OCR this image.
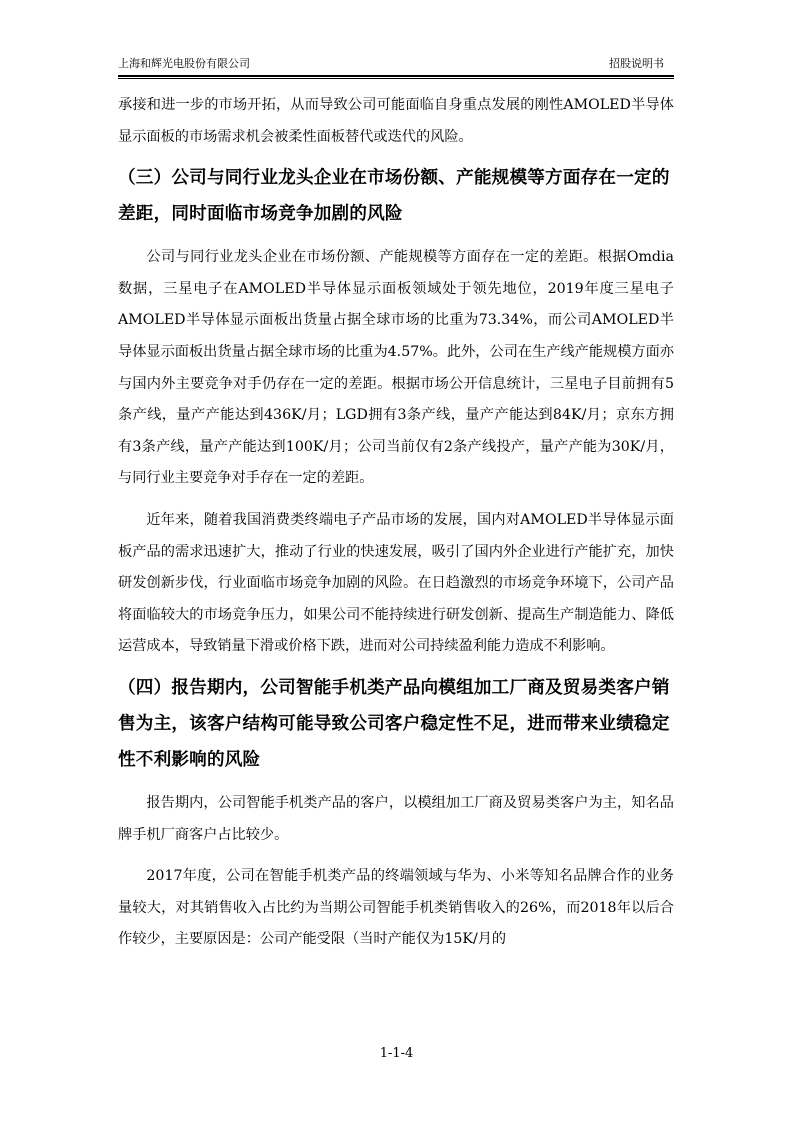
上海和辉光电股份有限公司	招股说明书

承接和进一步的市场开拓，从而导致公司可能面临自身重点发展的刚性AMOLED半导体显示面板的市场需求机会被柔性面板替代或迭代的风险。

（三）公司与同行业龙头企业在市场份额、产能规模等方面存在一定的差距，同时面临市场竞争加剧的风险

公司与同行业龙头企业在市场份额、产能规模等方面存在一定的差距。根据Omdia数据，三星电子在AMOLED半导体显示面板领域处于领先地位，2019年度三星电子AMOLED半导体显示面板出货量占据全球市场的比重为73.34%，而公司AMOLED半导体显示面板出货量占据全球市场的比重为4.57%。此外，公司在生产线产能规模方面亦与国内外主要竞争对手仍存在一定的差距。根据市场公开信息统计，三星电子目前拥有5条产线，量产产能达到436K/月；LGD拥有3条产线，量产产能达到84K/月；京东方拥有3条产线，量产产能达到100K/月；公司当前仅有2条产线投产，量产产能为30K/月，与同行业主要竞争对手存在一定的差距。

近年来，随着我国消费类终端电子产品市场的发展，国内对AMOLED半导体显示面板产品的需求迅速扩大，推动了行业的快速发展，吸引了国内外企业进行产能扩充，加快研发创新步伐，行业面临市场竞争加剧的风险。在日趋激烈的市场竞争环境下，公司产品将面临较大的市场竞争压力，如果公司不能持续进行研发创新、提高生产制造能力、降低运营成本，导致销量下滑或价格下跌，进而对公司持续盈利能力造成不利影响。

（四）报告期内，公司智能手机类产品向模组加工厂商及贸易类客户销售为主，该客户结构可能导致公司客户稳定性不足，进而带来业绩稳定性不利影响的风险

报告期内，公司智能手机类产品的客户，以模组加工厂商及贸易类客户为主，知名品牌手机厂商客户占比较少。

2017年度，公司在智能手机类产品的终端领域与华为、小米等知名品牌合作的业务量较大，对其销售收入占比约为当期公司智能手机类销售收入的26%，而2018年以后合作较少，主要原因是：公司产能受限（当时产能仅为15K/月的

1-1-4
